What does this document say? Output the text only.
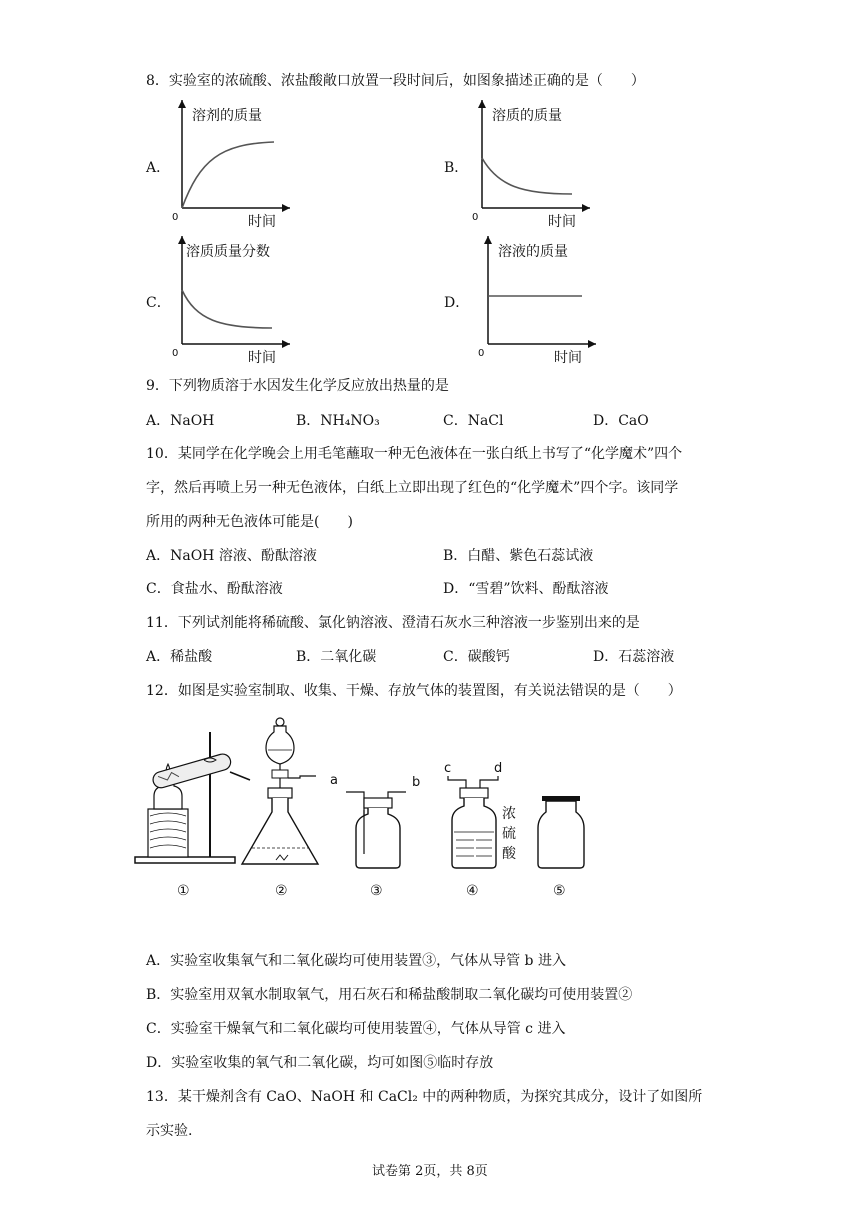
8．实验室的浓硫酸、浓盐酸敞口放置一段时间后，如图象描述正确的是（　　）
A．
溶剂的质量
时间
0
B．
溶质的质量
时间
0
C．
溶质质量分数
时间
0
D．
溶液的质量
时间
0
9．下列物质溶于水因发生化学反应放出热量的是
A．NaOH	B．NH₄NO₃	C．NaCl	D．CaO
10．某同学在化学晚会上用毛笔蘸取一种无色液体在一张白纸上书写了“化学魔术”四个
字，然后再喷上另一种无色液体，白纸上立即出现了红色的“化学魔术”四个字。该同学
所用的两种无色液体可能是(　　)
A．NaOH 溶液、酚酞溶液	B．白醋、紫色石蕊试液
C．食盐水、酚酞溶液	D．“雪碧”饮料、酚酞溶液
11．下列试剂能将稀硫酸、氯化钠溶液、澄清石灰水三种溶液一步鉴别出来的是
A．稀盐酸	B．二氧化碳	C．碳酸钙	D．石蕊溶液
12．如图是实验室制取、收集、干燥、存放气体的装置图，有关说法错误的是（　　）
①	②
a	b
③
c	d
浓
硫
酸
④	⑤
A．实验室收集氧气和二氧化碳均可使用装置③，气体从导管 b 进入
B．实验室用双氧水制取氧气，用石灰石和稀盐酸制取二氧化碳均可使用装置②
C．实验室干燥氧气和二氧化碳均可使用装置④，气体从导管 c 进入
D．实验室收集的氧气和二氧化碳，均可如图⑤临时存放
13．某干燥剂含有 CaO、NaOH 和 CaCl₂ 中的两种物质，为探究其成分，设计了如图所
示实验.
试卷第 2页，共 8页
